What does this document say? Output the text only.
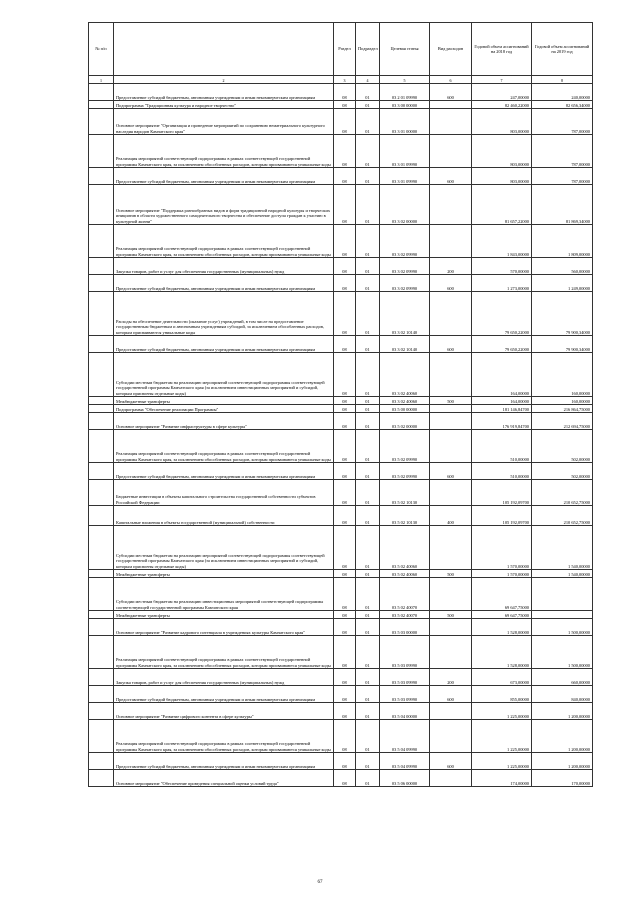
№ п/п		Раздел	Подраздел	Целевая статья	Вид расходов	Годовой объем ассигнований на 2018 год	Годовой объем ассигнований на 2019 год
1	2	3	4	5	6	7	8
	Предоставление субсидий бюджетным, автономным учреждениям и иным некоммерческим организациям	08	01	03 2 01 09990	600	247,00000	240,00000
	Подпрограмма "Традиционная культура и народное творчество"	08	01	03 3 00 00000		82 460,22000	82 656,34000
	Основное мероприятие "Организация и проведение мероприятий по сохранению нематериального культурного наследия народов Камчатского края"	08	01	03 3 01 00000		803,00000	787,00000
	Реализация мероприятий соответствующей подпрограммы в рамках соответствующей государственной программы Камчатского края, за исключением обособленных расходов, которым присваиваются уникальные коды	08	01	03 3 01 09990		803,00000	787,00000
	Предоставление субсидий бюджетным, автономным учреждениям и иным некоммерческим организациям	08	01	03 3 01 09990	600	803,00000	787,00000
	Основное мероприятие "Поддержка разнообразных видов и форм традиционной народной культуры и творческих инициатив в области художественного самодеятельного творчества и обеспечение доступа граждан к участию в культурной жизни"	08	01	03 3 02 00000		81 657,22000	81 869,34000
	Реализация мероприятий соответствующей подпрограммы в рамках соответствующей государственной программы Камчатского края, за исключением обособленных расходов, которым присваиваются уникальные коды	08	01	03 3 02 09990		1 843,00000	1 809,00000
	Закупка товаров, работ и услуг для обеспечения государственных (муниципальных) нужд	08	01	03 3 02 09990	200	570,00000	560,00000
	Предоставление субсидий бюджетным, автономным учреждениям и иным некоммерческим организациям	08	01	03 3 02 09990	600	1 273,00000	1 249,00000
	Расходы на обеспечение деятельности (оказание услуг) учреждений, в том числе на предоставление государственным бюджетным и автономным учреждениям субсидий, за исключением обособленных расходов, которым присваиваются уникальные коды	08	01	03 3 02 10140		79 650,22000	79 900,34000
	Предоставление субсидий бюджетным, автономным учреждениям и иным некоммерческим организациям	08	01	03 3 02 10140	600	79 650,22000	79 900,34000
	Субсидии местным бюджетам на реализацию мероприятий соответствующей подпрограммы соответствующей государственной программы Камчатского края (за исключением инвестиционных мероприятий и субсидий, которым присвоены отдельные коды)	08	01	03 3 02 40060		164,00000	160,00000
	Межбюджетные трансферты	08	01	03 3 02 40060	500	164,00000	160,00000
	Подпрограмма "Обеспечение реализации Программы"	08	01	03 5 00 00000		181 146,84700	216 864,75000
	Основное мероприятие "Развитие инфраструктуры в сфере культуры"	08	01	03 5 02 00000		176 919,84700	212 694,75000
	Реализация мероприятий соответствующей подпрограммы в рамках соответствующей государственной программы Камчатского края, за исключением обособленных расходов, которым присваиваются уникальные коды	08	01	03 5 02 09990		510,00000	502,00000
	Предоставление субсидий бюджетным, автономным учреждениям и иным некоммерческим организациям	08	01	03 5 02 09990	600	510,00000	502,00000
	Бюджетные инвестиции в объекты капитального строительства государственной собственности субъектов Российской Федерации	08	01	03 5 02 10130		105 192,09700	210 652,75000
	Капитальные вложения в объекты государственной (муниципальной) собственности	08	01	03 5 02 10130	400	105 192,09700	210 652,75000
	Субсидии местным бюджетам на реализацию мероприятий соответствующей подпрограммы соответствующей государственной программы Камчатского края (за исключением инвестиционных мероприятий и субсидий, которым присвоены отдельные коды)	08	01	03 5 02 40060		1 570,00000	1 540,00000
	Межбюджетные трансферты	08	01	03 5 02 40060	500	1 570,00000	1 540,00000
	Субсидии местным бюджетам на реализацию инвестиционных мероприятий соответствующей подпрограммы соответствующей государственной программы Камчатского края	08	01	03 5 02 40070		69 647,75000	
	Межбюджетные трансферты	08	01	03 5 02 40070	500	69 647,75000	
	Основное мероприятие "Развитие кадрового потенциала в учреждениях культуры Камчатского края"	08	01	03 5 03 00000		1 528,00000	1 500,00000
	Реализация мероприятий соответствующей подпрограммы в рамках соответствующей государственной программы Камчатского края, за исключением обособленных расходов, которым присваиваются уникальные коды	08	01	03 5 03 09990		1 528,00000	1 500,00000
	Закупка товаров, работ и услуг для обеспечения государственных (муниципальных) нужд	08	01	03 5 03 09990	200	673,00000	660,00000
	Предоставление субсидий бюджетным, автономным учреждениям и иным некоммерческим организациям	08	01	03 5 03 09990	600	855,00000	840,00000
	Основное мероприятие "Развитие цифрового контента в сфере культуры"	08	01	03 5 04 00000		1 225,00000	1 200,00000
	Реализация мероприятий соответствующей подпрограммы в рамках соответствующей государственной программы Камчатского края, за исключением обособленных расходов, которым присваиваются уникальные коды	08	01	03 5 04 09990		1 225,00000	1 200,00000
	Предоставление субсидий бюджетным, автономным учреждениям и иным некоммерческим организациям	08	01	03 5 04 09990	600	1 225,00000	1 200,00000
	Основное мероприятие "Обеспечение проведения специальной оценки условий труда"	08	01	03 5 06 00000		174,00000	170,00000
67
